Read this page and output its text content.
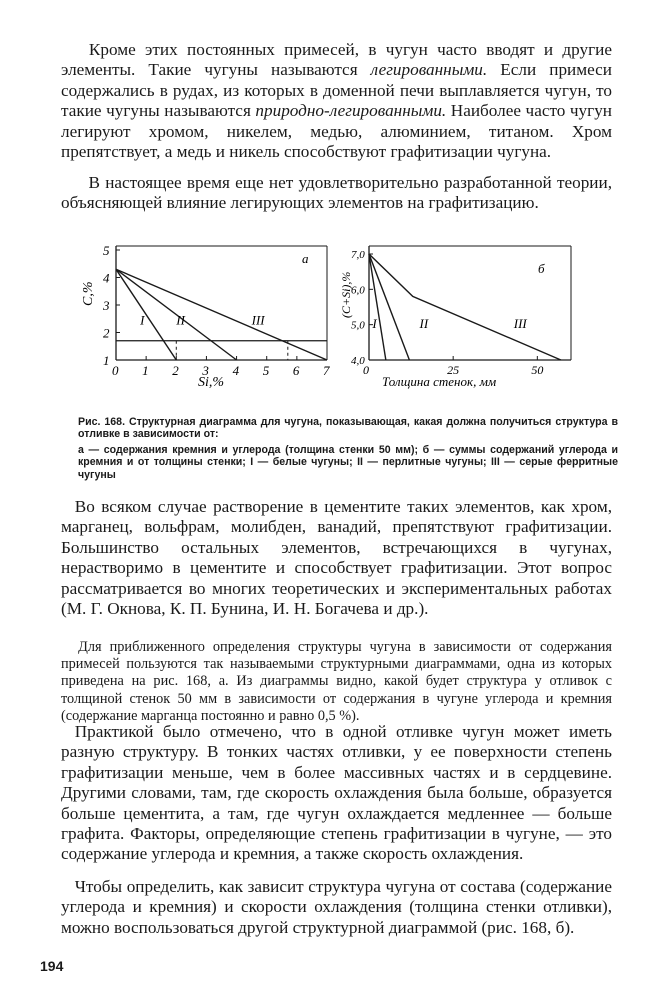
Кроме этих постоянных примесей, в чугун часто вводят и другие элементы. Такие чугуны называются легированными. Если примеси содержались в рудах, из которых в доменной печи выплавляется чугун, то такие чугуны называются природно-легированными. Наиболее часто чугун легируют хромом, никелем, медью, алюминием, титаном. Хром препятствует, а медь и никель способствуют графитизации чугуна.

В настоящее время еще нет удовлетворительно разработанной теории, объясняющей влияние легирующих элементов на графитизацию.

0 1 2 3 4 5 6 7
1
2
3
4
5
I II	III
а
Si,%
C,%
0	25	50
4,0
5,0
6,0
7,0
I	II	III
б
Толщина стенок, мм
(C+Si),%
Рис. 168. Структурная диаграмма для чугуна, показывающая, какая должна получиться структура в отливке в зависимости от:
а — содержания кремния и углерода (толщина стенки 50 мм); б — суммы содержаний углерода и кремния и от толщины стенки; I — белые чугуны; II — перлитные чугуны; III — серые ферритные чугуны

Во всяком случае растворение в цементите таких элементов, как хром, марганец, вольфрам, молибден, ванадий, препятствуют графитизации. Большинство остальных элементов, встречающихся в чугунах, нерастворимо в цементите и способствует графитизации. Этот вопрос рассматривается во многих теоретических и экспериментальных работах (М. Г. Окнова, К. П. Бунина, И. Н. Богачева и др.).

Для приближенного определения структуры чугуна в зависимости от содержания примесей пользуются так называемыми структурными диаграммами, одна из которых приведена на рис. 168, а. Из диаграммы видно, какой будет структура у отливок с толщиной стенок 50 мм в зависимости от содержания в чугуне углерода и кремния (содержание марганца постоянно и равно 0,5 %).

Практикой было отмечено, что в одной отливке чугун может иметь разную структуру. В тонких частях отливки, у ее поверхности степень графитизации меньше, чем в более массивных частях и в сердцевине. Другими словами, там, где скорость охлаждения была больше, образуется больше цементита, а там, где чугун охлаждается медленнее — больше графита. Факторы, определяющие степень графитизации в чугуне, — это содержание углерода и кремния, а также скорость охлаждения.

Чтобы определить, как зависит структура чугуна от состава (содержание углерода и кремния) и скорости охлаждения (толщина стенки отливки), можно воспользоваться другой структурной диаграммой (рис. 168, б).

194
